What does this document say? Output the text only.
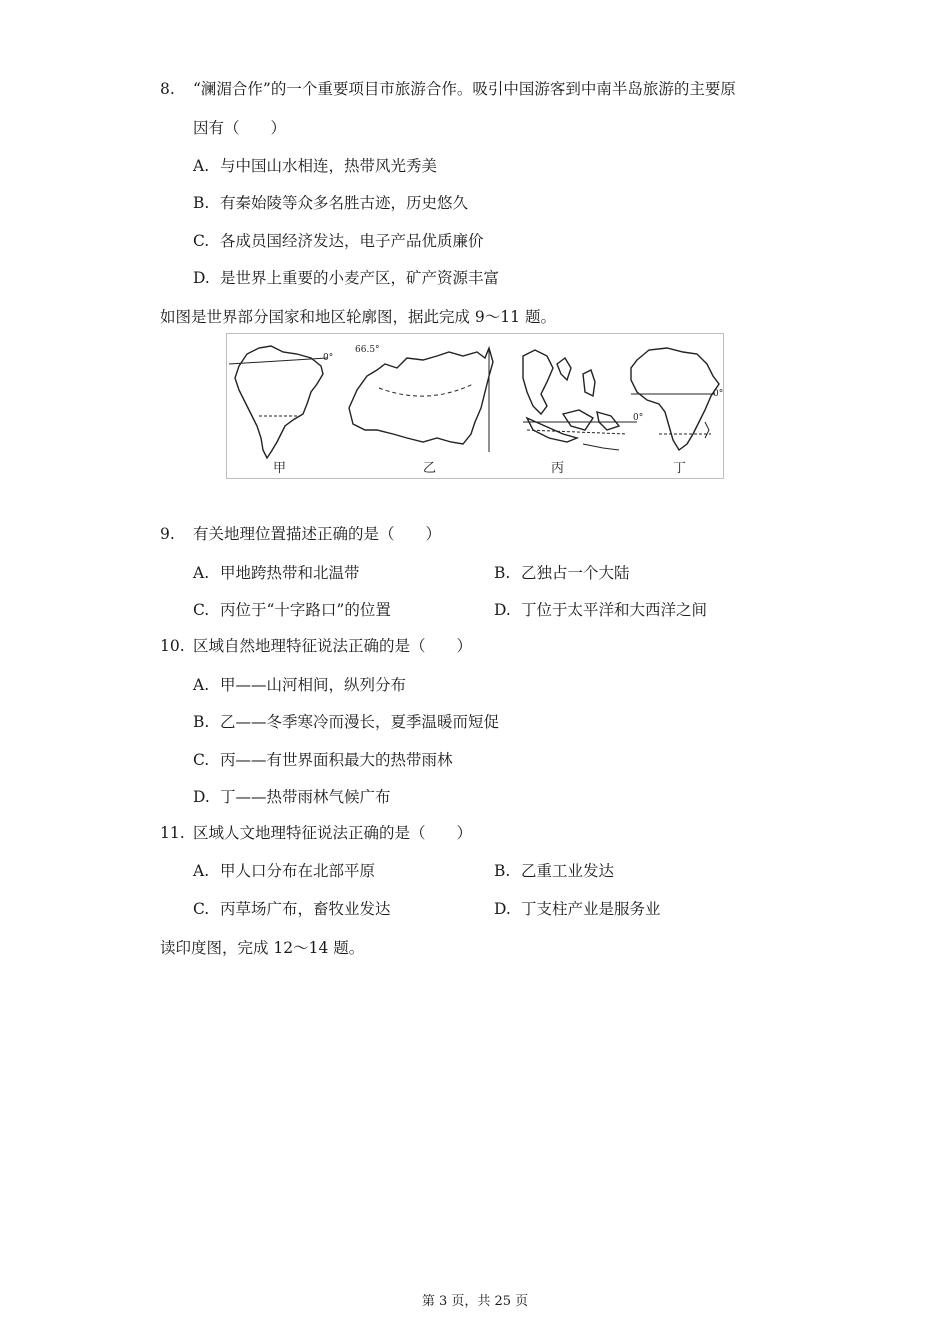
8. “澜湄合作”的一个重要项目市旅游合作。吸引中国游客到中南半岛旅游的主要原
因有（　　）
A. 与中国山水相连，热带风光秀美
B. 有秦始陵等众多名胜古迹，历史悠久
C. 各成员国经济发达，电子产品优质廉价
D. 是世界上重要的小麦产区，矿产资源丰富
如图是世界部分国家和地区轮廓图，据此完成 9～11 题。
0°
66.5°
0°
0°
甲	乙	丙	丁
9. 有关地理位置描述正确的是（　　）
A. 甲地跨热带和北温带	B. 乙独占一个大陆
C. 丙位于“十字路口”的位置	D. 丁位于太平洋和大西洋之间
10. 区域自然地理特征说法正确的是（　　）
A. 甲——山河相间，纵列分布
B. 乙——冬季寒冷而漫长，夏季温暖而短促
C. 丙——有世界面积最大的热带雨林
D. 丁——热带雨林气候广布
11. 区域人文地理特征说法正确的是（　　）
A. 甲人口分布在北部平原	B. 乙重工业发达
C. 丙草场广布，畜牧业发达	D. 丁支柱产业是服务业
读印度图，完成 12～14 题。
第 3 页，共 25 页
